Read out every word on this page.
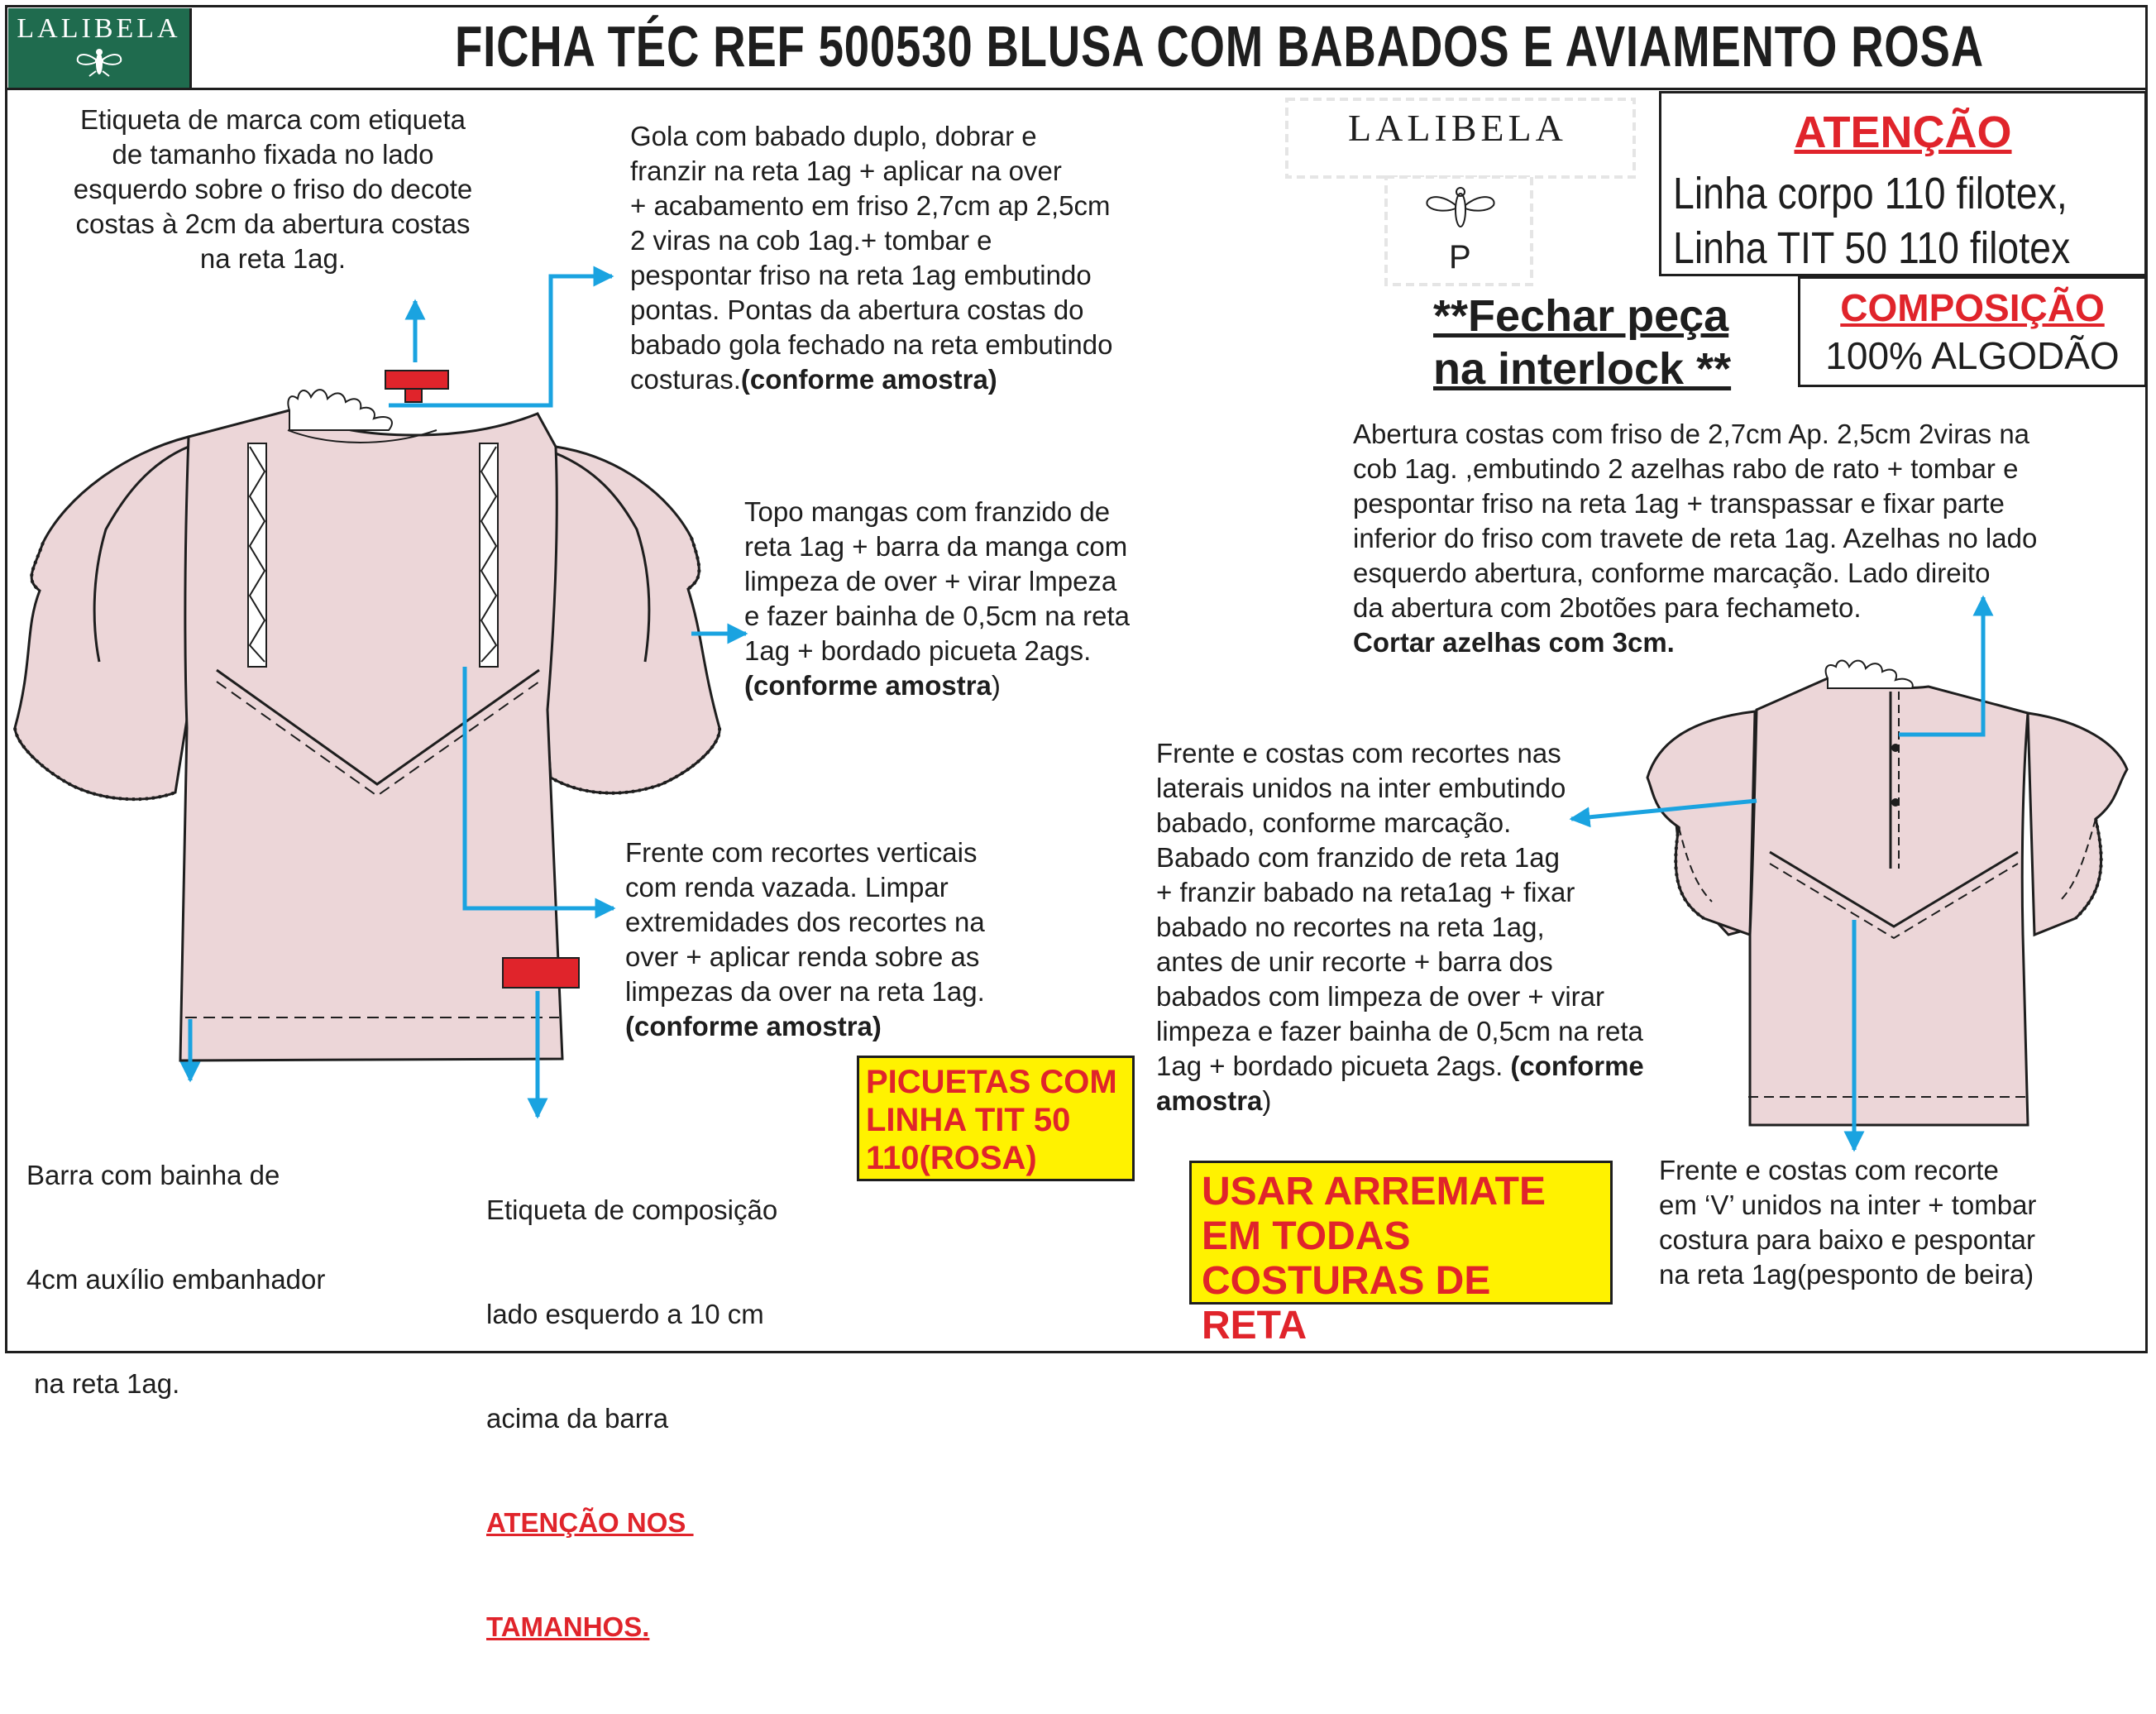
LALIBELA	FICHA TÉC REF 500530 BLUSA COM BABADOS E AVIAMENTO ROSA
LALIBELA
P
ATENÇÃO
Linha corpo 110 filotex,
Linha TIT 50 110 filotex
COMPOSIÇÃO
100% ALGODÃO
**Fechar peça
na interlock **
Etiqueta de marca com etiqueta
de tamanho fixada no lado
esquerdo sobre o friso do decote
costas à 2cm da abertura costas
na reta 1ag.
Gola com babado duplo, dobrar e
franzir na reta 1ag + aplicar na over
+ acabamento em friso 2,7cm ap 2,5cm
2 viras na cob 1ag.+ tombar e
pespontar friso na reta 1ag embutindo
pontas. Pontas da abertura costas do
babado gola fechado na reta embutindo
costuras.(conforme amostra)
Topo mangas com franzido de
reta 1ag + barra da manga com
limpeza de over + virar lmpeza
e fazer bainha de 0,5cm na reta
1ag + bordado picueta 2ags.
(conforme amostra)
Frente com recortes verticais
com renda vazada. Limpar
extremidades dos recortes na
over + aplicar renda sobre as
limpezas da over na reta 1ag.
(conforme amostra)

Barra com bainha de

4cm auxílio embanhador

na reta 1ag.

Etiqueta de composição

lado esquerdo a 10 cm

acima da barra

ATENÇÃO NOS

TAMANHOS.

Abertura costas com friso de 2,7cm Ap. 2,5cm 2viras na
cob 1ag. ,embutindo 2 azelhas rabo de rato + tombar e
pespontar friso na reta 1ag + transpassar e fixar parte
inferior do friso com travete de reta 1ag. Azelhas no lado
esquerdo abertura, conforme marcação. Lado direito
da abertura com 2botões para fechameto.
Cortar azelhas com 3cm.
Frente e costas com recortes nas
laterais unidos na inter embutindo
babado, conforme marcação.
Babado com franzido de reta 1ag
+ franzir babado na reta1ag + fixar
babado no recortes na reta 1ag,
antes de unir recorte + barra dos
babados com limpeza de over + virar
limpeza e fazer bainha de 0,5cm na reta
1ag + bordado picueta 2ags. (conforme
amostra)
Frente e costas com recorte
em ‘V’ unidos na inter + tombar
costura para baixo e pespontar
na reta 1ag(pesponto de beira)
PICUETAS COM
LINHA TIT 50
110(ROSA)
USAR ARREMATE
EM TODAS
COSTURAS DE RETA
